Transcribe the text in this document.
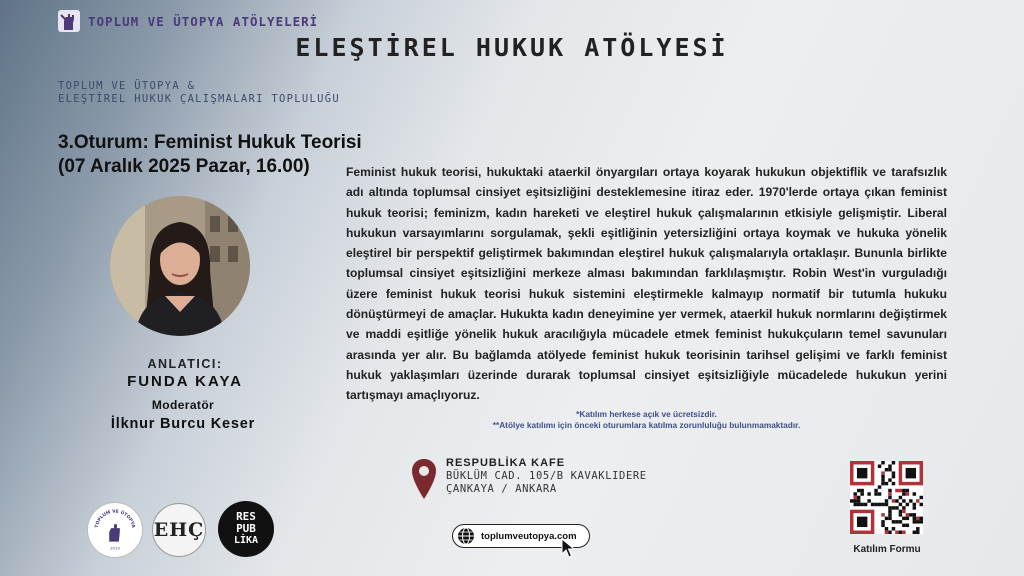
TOPLUM VE ÜTOPYA ATÖLYELERİ
ELEŞTİREL HUKUK ATÖLYESİ
TOPLUM VE ÜTOPYA &
ELEŞTİREL HUKUK ÇALIŞMALARI TOPLULUĞU
3.Oturum: Feminist Hukuk Teorisi
(07 Aralık 2025 Pazar, 16.00)
ANLATICI:
FUNDA KAYA
Moderatör
İlknur Burcu Keser
Feminist hukuk teorisi, hukuktaki ataerkil önyargıları ortaya koyarak hukukun objektiflik ve tarafsızlık adı altında toplumsal cinsiyet eşitsizliğini desteklemesine itiraz eder. 1970'lerde ortaya çıkan feminist hukuk teorisi; feminizm, kadın hareketi ve eleştirel hukuk çalışmalarının etkisiyle gelişmiştir. Liberal hukukun varsayımlarını sorgulamak, şekli eşitliğinin yetersizliğini ortaya koymak ve hukuka yönelik eleştirel bir perspektif geliştirmek bakımından eleştirel hukuk çalışmalarıyla ortaklaşır. Bununla birlikte toplumsal cinsiyet eşitsizliğini merkeze alması bakımından farklılaşmıştır. Robin West'in vurguladığı üzere feminist hukuk teorisi hukuk sistemini eleştirmekle kalmayıp normatif bir tutumla hukuku dönüştürmeyi de amaçlar. Hukukta kadın deneyimine yer vermek, ataerkil hukuk normlarını değiştirmek ve maddi eşitliğe yönelik hukuk aracılığıyla mücadele etmek feminist hukukçuların temel savunuları arasında yer alır. Bu bağlamda atölyede feminist hukuk teorisinin tarihsel gelişimi ve farklı feminist hukuk yaklaşımları üzerinde durarak toplumsal cinsiyet eşitsizliğiyle mücadelede hukukun yerini tartışmayı amaçlıyoruz.
*Katılım herkese açık ve ücretsizdir.
**Atölye katılımı için önceki oturumlara katılma zorunluluğu bulunmamaktadır.
RESPUBLİKA KAFE
BÜKLÜM CAD. 105/B KAVAKLIDERE
ÇANKAYA / ANKARA
toplumveutopya.com
Katılım Formu
TOPLUM VE ÜTOPYA
2019
EHÇ
RES
PUB
LİKA
